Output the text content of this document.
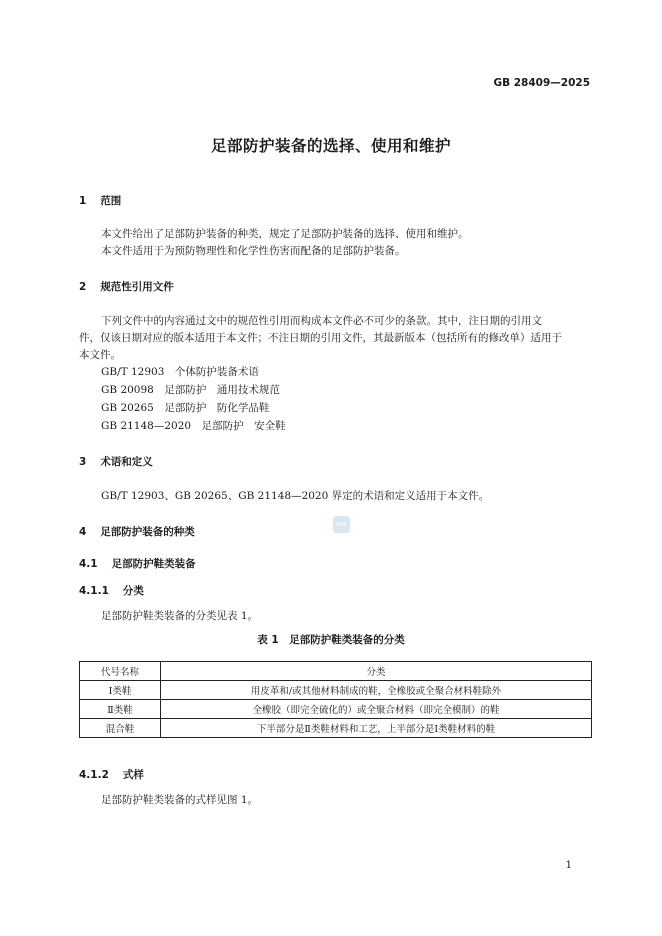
GB 28409—2025
足部防护装备的选择、使用和维护
1 范围
本文件给出了足部防护装备的种类，规定了足部防护装备的选择、使用和维护。
本文件适用于为预防物理性和化学性伤害而配备的足部防护装备。
2 规范性引用文件
下列文件中的内容通过文中的规范性引用而构成本文件必不可少的条款。其中，注日期的引用文
件，仅该日期对应的版本适用于本文件；不注日期的引用文件，其最新版本（包括所有的修改单）适用于
本文件。
GB/T 12903　个体防护装备术语
GB 20098　足部防护　通用技术规范
GB 20265　足部防护　防化学品鞋
GB 21148—2020　足部防护　安全鞋
3 术语和定义
GB/T 12903、GB 20265、GB 21148—2020 界定的术语和定义适用于本文件。
4 足部防护装备的种类
SAC
4.1 足部防护鞋类装备
4.1.1 分类
足部防护鞋类装备的分类见表 1。
表 1　足部防护鞋类装备的分类
代号名称	分类
Ⅰ类鞋	用皮革和/或其他材料制成的鞋，全橡胶或全聚合材料鞋除外
Ⅱ类鞋	全橡胶（即完全硫化的）或全聚合材料（即完全模制）的鞋
混合鞋	下半部分是Ⅱ类鞋材料和工艺，上半部分是Ⅰ类鞋材料的鞋
4.1.2 式样
足部防护鞋类装备的式样见图 1。
1
